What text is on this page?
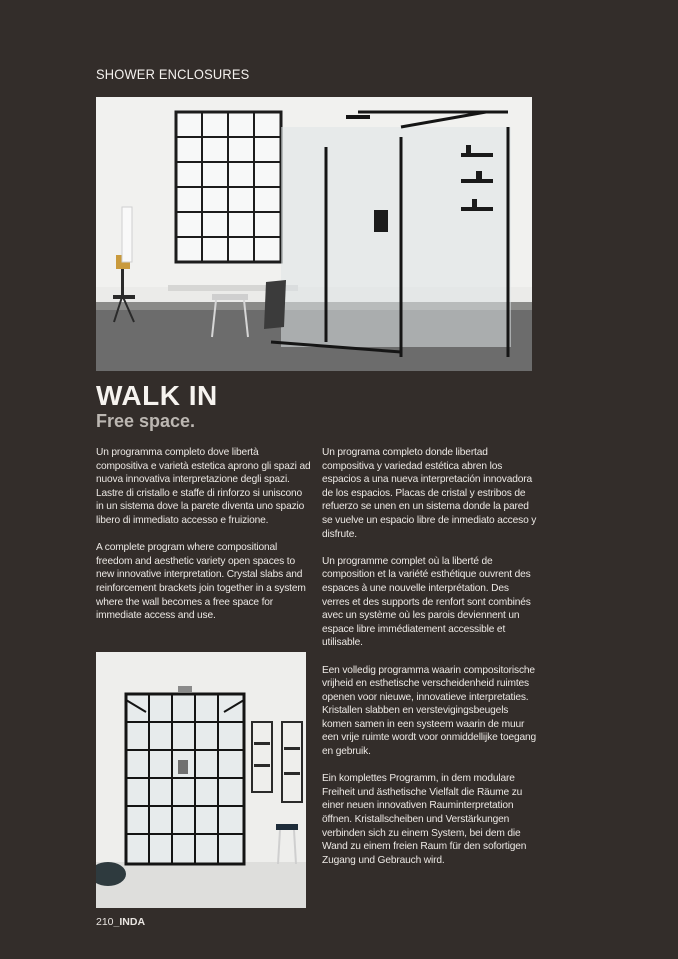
SHOWER ENCLOSURES
WALK IN
Free space.

Un programma completo dove libertà compositiva e varietà estetica aprono gli spazi ad nuova innovativa interpretazione degli spazi. Lastre di cristallo e staffe di rinforzo si uniscono in un sistema dove la parete diventa uno spazio libero di immediato accesso e fruizione.

A complete program where compositional freedom and aesthetic variety open spaces to new innovative interpretation. Crystal slabs and reinforcement brackets join together in a system where the wall becomes a free space for immediate access and use.

Un programa completo donde libertad compositiva y variedad estética abren los espacios a una nueva interpretación innovadora de los espacios. Placas de cristal y estribos de refuerzo se unen en un sistema donde la pared se vuelve un espacio libre de inmediato acceso y disfrute.

Un programme complet où la liberté de composition et la variété esthétique ouvrent des espaces à une nouvelle interprétation. Des verres et des supports de renfort sont combinés avec un système où les parois deviennent un espace libre immédiatement accessible et utilisable.

Een volledig programma waarin compositorische vrijheid en esthetische verscheidenheid ruimtes openen voor nieuwe, innovatieve interpretaties. Kristallen slabben en verstevigingsbeugels komen samen in een systeem waarin de muur een vrije ruimte wordt voor onmiddellijke toegang en gebruik.

Ein komplettes Programm, in dem modulare Freiheit und ästhetische Vielfalt die Räume zu einer neuen innovativen Rauminterpretation öffnen. Kristallscheiben und Verstärkungen verbinden sich zu einem System, bei dem die Wand zu einem freien Raum für den sofortigen Zugang und Gebrauch wird.

210_INDA
